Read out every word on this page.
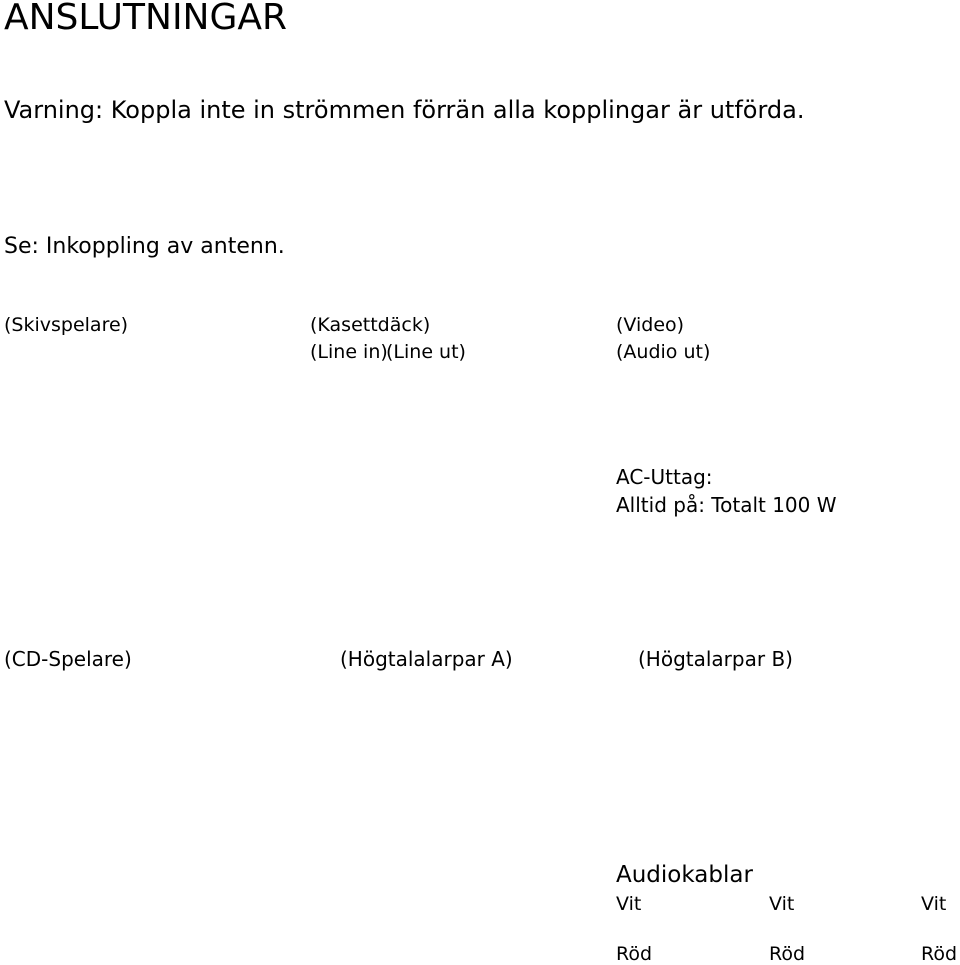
ANSLUTNINGAR

Varning: Koppla inte in strömmen förrän alla kopplingar är utförda.

Se: Inkoppling av antenn.

(Skivspelare)	(Kasettdäck)
(Line in)
(Line ut)
(Video)
(Audio ut)
AC-Uttag:
Alltid på: Totalt 100 W
(CD-Spelare)	(Högtalalarpar A)	(Högtalarpar B)
Audiokablar
Vit	Vit	Vit
Röd	Röd	Röd
